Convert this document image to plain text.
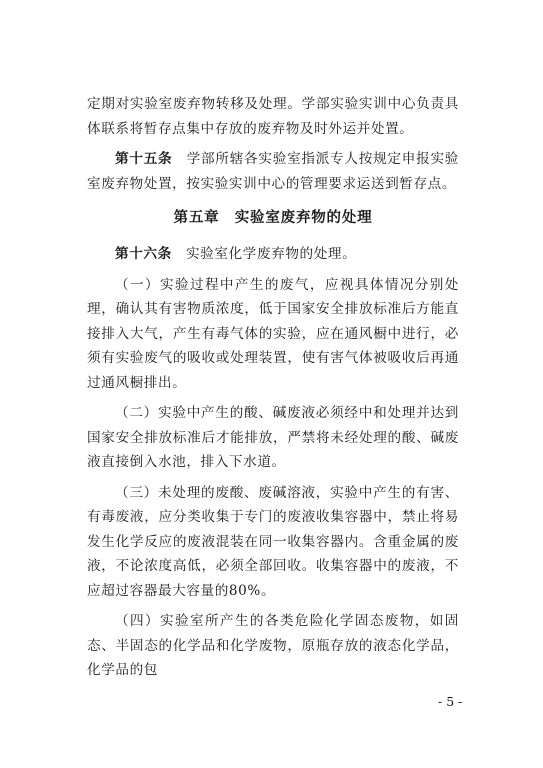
定期对实验室废弃物转移及处理。学部实验实训中心负责具体联系将暂存点集中存放的废弃物及时外运并处置。

第十五条　学部所辖各实验室指派专人按规定申报实验室废弃物处置，按实验实训中心的管理要求运送到暂存点。

第五章　实验室废弃物的处理

第十六条　实验室化学废弃物的处理。

（一）实验过程中产生的废气，应视具体情况分别处理，确认其有害物质浓度，低于国家安全排放标准后方能直接排入大气，产生有毒气体的实验，应在通风橱中进行，必须有实验废气的吸收或处理装置，使有害气体被吸收后再通过通风橱排出。

（二）实验中产生的酸、碱废液必须经中和处理并达到国家安全排放标准后才能排放，严禁将未经处理的酸、碱废液直接倒入水池，排入下水道。

（三）未处理的废酸、废碱溶液，实验中产生的有害、有毒废液，应分类收集于专门的废液收集容器中，禁止将易发生化学反应的废液混装在同一收集容器内。含重金属的废液，不论浓度高低，必须全部回收。收集容器中的废液，不应超过容器最大容量的80%。

（四）实验室所产生的各类危险化学固态废物，如固态、半固态的化学品和化学废物，原瓶存放的液态化学品，化学品的包

- 5 -
